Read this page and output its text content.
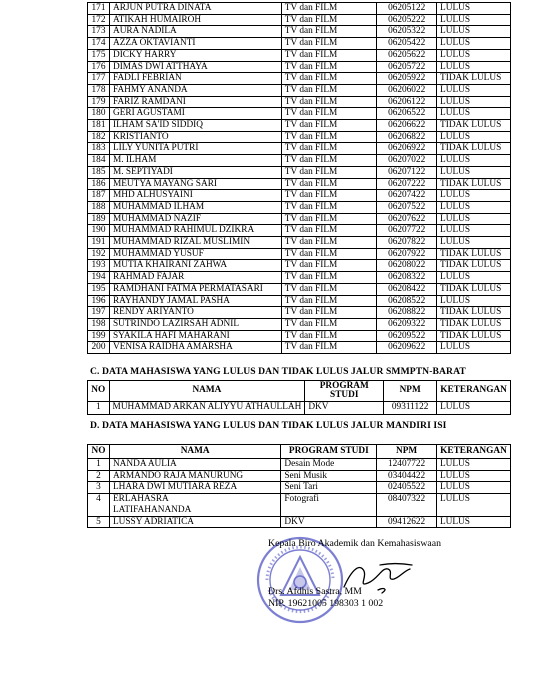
171	ARJUN PUTRA DINATA	TV dan FILM	06205122	LULUS
172	ATIKAH HUMAIROH	TV dan FILM	06205222	LULUS
173	AURA NADILA	TV dan FILM	06205322	LULUS
174	AZZA OKTAVIANTI	TV dan FILM	06205422	LULUS
175	DICKY HARRY	TV dan FILM	06205622	LULUS
176	DIMAS DWI ATTHAYA	TV dan FILM	06205722	LULUS
177	FADLI FEBRIAN	TV dan FILM	06205922	TIDAK LULUS
178	FAHMY ANANDA	TV dan FILM	06206022	LULUS
179	FARIZ RAMDANI	TV dan FILM	06206122	LULUS
180	GERI AGUSTAMI	TV dan FILM	06206522	LULUS
181	ILHAM SA'ID SIDDIQ	TV dan FILM	06206622	TIDAK LULUS
182	KRISTIANTO	TV dan FILM	06206822	LULUS
183	LILY YUNITA PUTRI	TV dan FILM	06206922	TIDAK LULUS
184	M. ILHAM	TV dan FILM	06207022	LULUS
185	M. SEPTIYADI	TV dan FILM	06207122	LULUS
186	MEUTYA MAYANG SARI	TV dan FILM	06207222	TIDAK LULUS
187	MHD ALHUSYAINI	TV dan FILM	06207422	LULUS
188	MUHAMMAD ILHAM	TV dan FILM	06207522	LULUS
189	MUHAMMAD NAZIF	TV dan FILM	06207622	LULUS
190	MUHAMMAD RAHIMUL DZIKRA	TV dan FILM	06207722	LULUS
191	MUHAMMAD RIZAL MUSLIMIN	TV dan FILM	06207822	LULUS
192	MUHAMMAD YUSUF	TV dan FILM	06207922	TIDAK LULUS
193	MUTIA KHAIRANI ZAHWA	TV dan FILM	06208022	TIDAK LULUS
194	RAHMAD FAJAR	TV dan FILM	06208322	LULUS
195	RAMDHANI FATMA PERMATASARI	TV dan FILM	06208422	TIDAK LULUS
196	RAYHANDY JAMAL PASHA	TV dan FILM	06208522	LULUS
197	RENDY ARIYANTO	TV dan FILM	06208822	TIDAK LULUS
198	SUTRINDO LAZIRSAH ADNIL	TV dan FILM	06209322	TIDAK LULUS
199	SYAKILA HAFI MAHARANI	TV dan FILM	06209522	TIDAK LULUS
200	VENISA RAIDHA AMARSHA	TV dan FILM	06209622	LULUS
C. DATA MAHASISWA YANG LULUS DAN TIDAK LULUS JALUR SMMPTN-BARAT
NO	NAMA	PROGRAM STUDI	NPM	KETERANGAN
1	MUHAMMAD ARKAN ALIYYU ATHAULLAH	DKV	09311122	LULUS
D. DATA MAHASISWA YANG LULUS DAN TIDAK LULUS JALUR MANDIRI ISI
NO	NAMA	PROGRAM STUDI	NPM	KETERANGAN
1	NANDA AULIA	Desain Mode	12407722	LULUS
2	ARMANDO RAJA MANURUNG	Seni Musik	03404422	LULUS
3	LHARA DWI MUTIARA REZA	Seni Tari	02405522	LULUS
4	ERLAHASRA
LATIFAHANANDA	Fotografi	08407322	LULUS
5	LUSSY ADRIATICA	DKV	09412622	LULUS
Kepala Biro Akademik dan Kemahasiswaan
Drs. Afdhis Sastra, MM
NIP. 19621005 198303 1 002
